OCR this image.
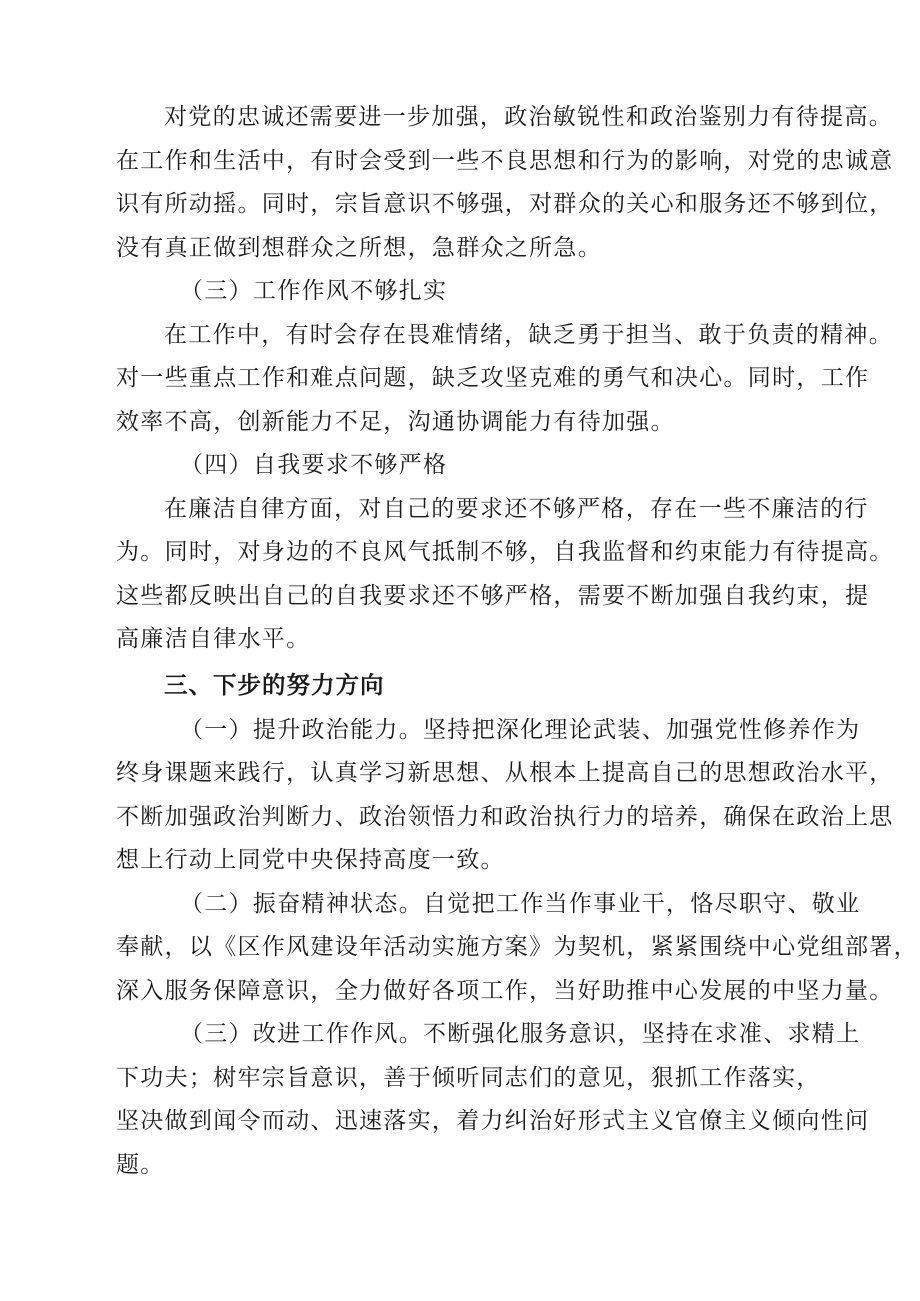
对党的忠诚还需要进一步加强，政治敏锐性和政治鉴别力有待提高。
在工作和生活中，有时会受到一些不良思想和行为的影响，对党的忠诚意
识有所动摇。同时，宗旨意识不够强，对群众的关心和服务还不够到位，
没有真正做到想群众之所想，急群众之所急。
（三）工作作风不够扎实
在工作中，有时会存在畏难情绪，缺乏勇于担当、敢于负责的精神。
对一些重点工作和难点问题，缺乏攻坚克难的勇气和决心。同时，工作
效率不高，创新能力不足，沟通协调能力有待加强。
（四）自我要求不够严格
在廉洁自律方面，对自己的要求还不够严格，存在一些不廉洁的行
为。同时，对身边的不良风气抵制不够，自我监督和约束能力有待提高。
这些都反映出自己的自我要求还不够严格，需要不断加强自我约束，提
高廉洁自律水平。
三、下步的努力方向
（一）提升政治能力。坚持把深化理论武装、加强党性修养作为
终身课题来践行，认真学习新思想、从根本上提高自己的思想政治水平，
不断加强政治判断力、政治领悟力和政治执行力的培养，确保在政治上思
想上行动上同党中央保持高度一致。
（二）振奋精神状态。自觉把工作当作事业干，恪尽职守、敬业
奉献，以《区作风建设年活动实施方案》为契机，紧紧围绕中心党组部署，
深入服务保障意识，全力做好各项工作，当好助推中心发展的中坚力量。
（三）改进工作作风。不断强化服务意识，坚持在求准、求精上
下功夫；树牢宗旨意识，善于倾听同志们的意见，狠抓工作落实，
坚决做到闻令而动、迅速落实，着力纠治好形式主义官僚主义倾向性问
题。
